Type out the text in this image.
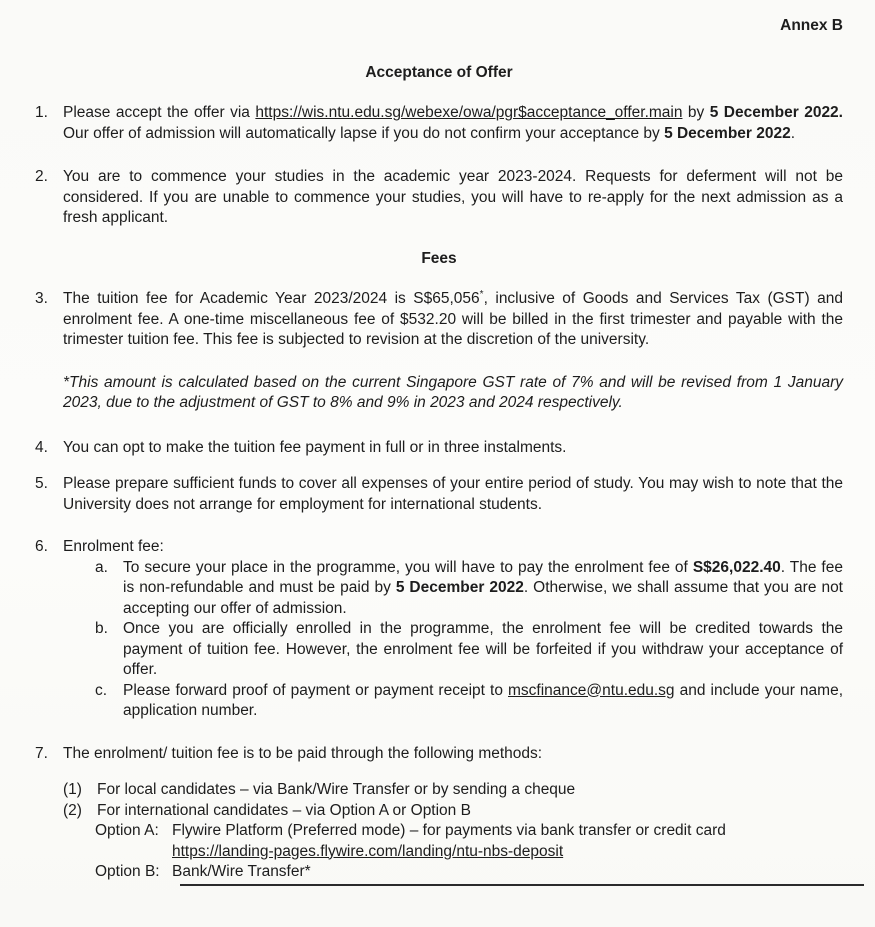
Annex B
Acceptance of Offer
1. Please accept the offer via https://wis.ntu.edu.sg/webexe/owa/pgr$acceptance_offer.main by 5 December 2022. Our offer of admission will automatically lapse if you do not confirm your acceptance by 5 December 2022.
2. You are to commence your studies in the academic year 2023-2024. Requests for deferment will not be considered. If you are unable to commence your studies, you will have to re-apply for the next admission as a fresh applicant.
Fees
3. The tuition fee for Academic Year 2023/2024 is S$65,056*, inclusive of Goods and Services Tax (GST) and enrolment fee. A one-time miscellaneous fee of $532.20 will be billed in the first trimester and payable with the trimester tuition fee. This fee is subjected to revision at the discretion of the university.
*This amount is calculated based on the current Singapore GST rate of 7% and will be revised from 1 January 2023, due to the adjustment of GST to 8% and 9% in 2023 and 2024 respectively.
4. You can opt to make the tuition fee payment in full or in three instalments.
5. Please prepare sufficient funds to cover all expenses of your entire period of study. You may wish to note that the University does not arrange for employment for international students.
6. Enrolment fee:
a. To secure your place in the programme, you will have to pay the enrolment fee of S$26,022.40. The fee is non-refundable and must be paid by 5 December 2022. Otherwise, we shall assume that you are not accepting our offer of admission.
b. Once you are officially enrolled in the programme, the enrolment fee will be credited towards the payment of tuition fee. However, the enrolment fee will be forfeited if you withdraw your acceptance of offer.
c.	Please forward proof of payment or payment receipt to mscfinance@ntu.edu.sg and include your name, application number.
7. The enrolment/ tuition fee is to be paid through the following methods:
(1) For local candidates – via Bank/Wire Transfer or by sending a cheque
(2) For international candidates – via Option A or Option B
Option A: Flywire Platform (Preferred mode) – for payments via bank transfer or credit card
https://landing-pages.flywire.com/landing/ntu-nbs-deposit
Option B: Bank/Wire Transfer*
